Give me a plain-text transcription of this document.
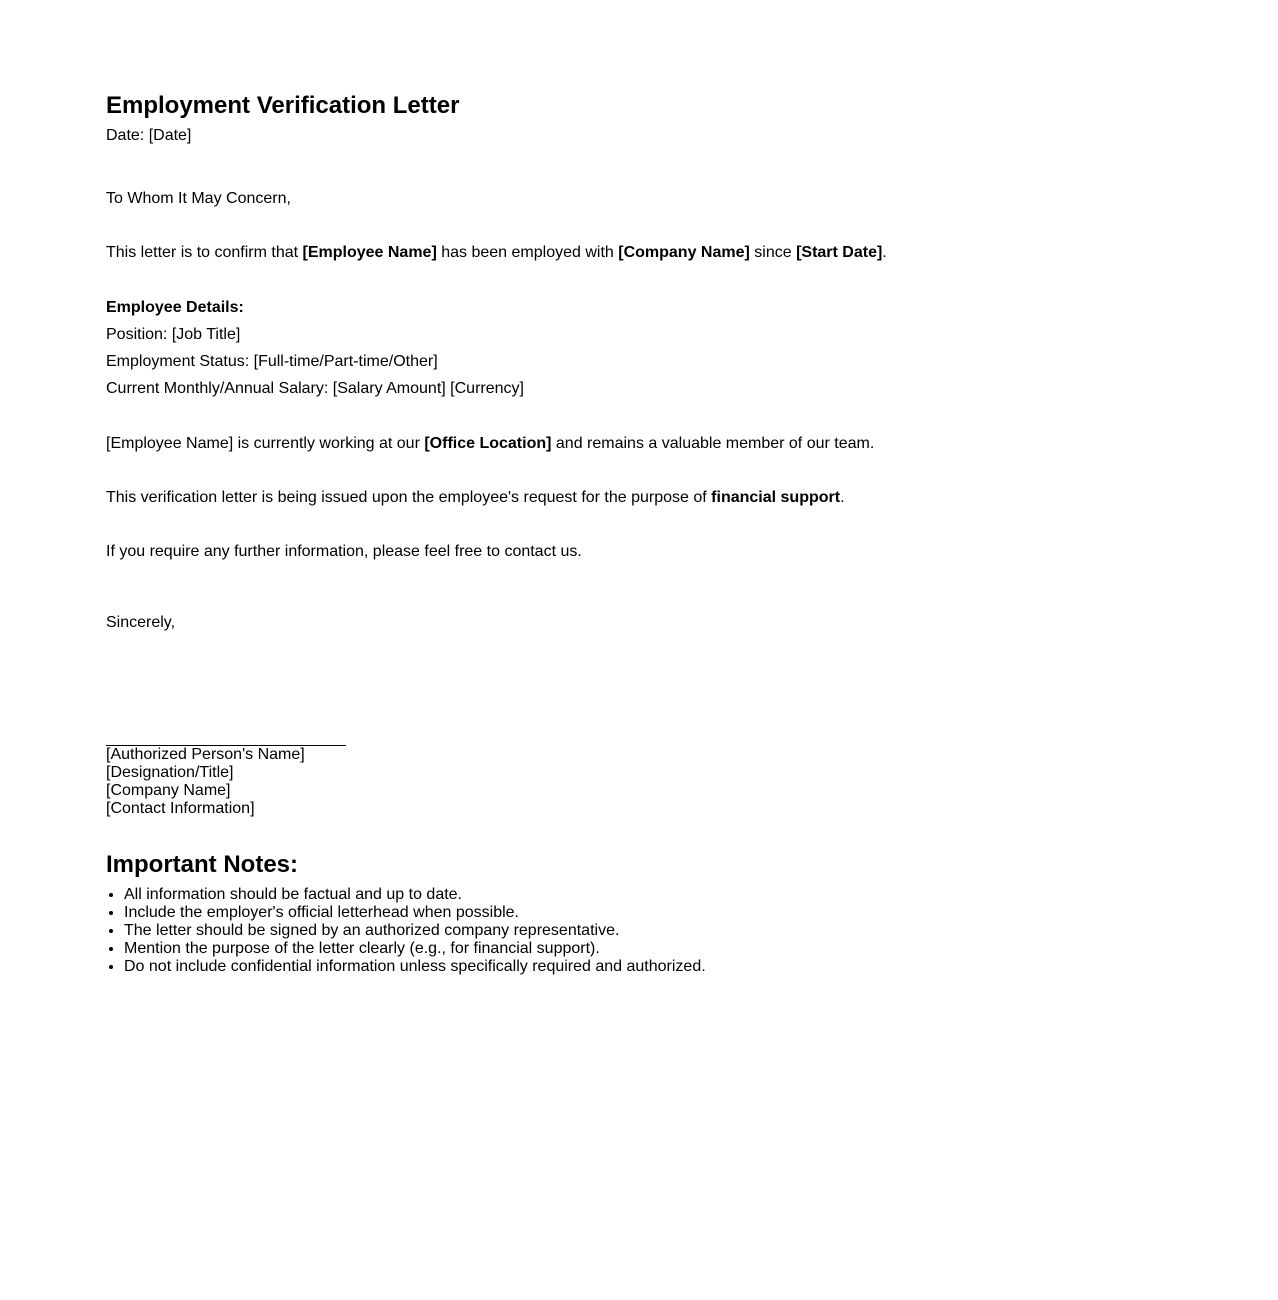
Employment Verification Letter

Date: [Date]

To Whom It May Concern,

This letter is to confirm that [Employee Name] has been employed with [Company Name] since [Start Date].

Employee Details:

Position: [Job Title]

Employment Status: [Full-time/Part-time/Other]

Current Monthly/Annual Salary: [Salary Amount] [Currency]

[Employee Name] is currently working at our [Office Location] and remains a valuable member of our team.

This verification letter is being issued upon the employee's request for the purpose of financial support.

If you require any further information, please feel free to contact us.

Sincerely,

[Authorized Person's Name]
[Designation/Title]
[Company Name]
[Contact Information]
Important Notes:
• All information should be factual and up to date.
• Include the employer's official letterhead when possible.
• The letter should be signed by an authorized company representative.
• Mention the purpose of the letter clearly (e.g., for financial support).
• Do not include confidential information unless specifically required and authorized.
